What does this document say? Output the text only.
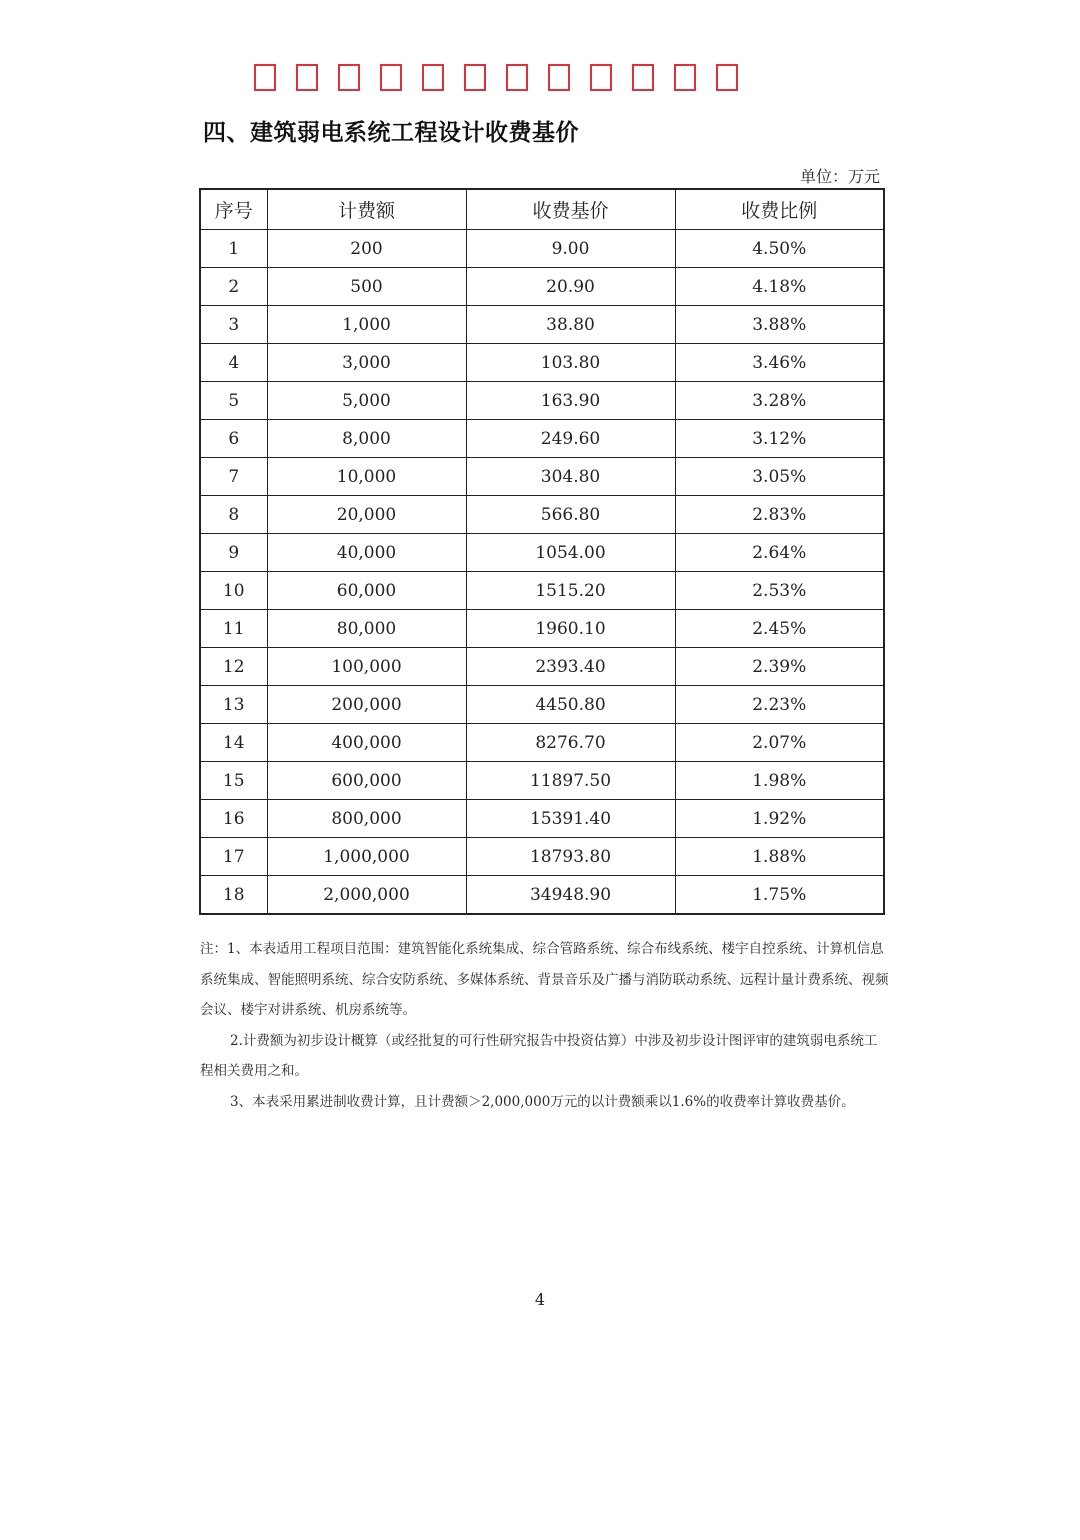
四、建筑弱电系统工程设计收费基价
单位：万元
序号	计费额	收费基价	收费比例
1	200	9.00	4.50%
2	500	20.90	4.18%
3	1,000	38.80	3.88%
4	3,000	103.80	3.46%
5	5,000	163.90	3.28%
6	8,000	249.60	3.12%
7	10,000	304.80	3.05%
8	20,000	566.80	2.83%
9	40,000	1054.00	2.64%
10	60,000	1515.20	2.53%
11	80,000	1960.10	2.45%
12	100,000	2393.40	2.39%
13	200,000	4450.80	2.23%
14	400,000	8276.70	2.07%
15	600,000	11897.50	1.98%
16	800,000	15391.40	1.92%
17	1,000,000	18793.80	1.88%
18	2,000,000	34948.90	1.75%

注：1、本表适用工程项目范围：建筑智能化系统集成、综合管路系统、综合布线系统、楼宇自控系统、计算机信息系统集成、智能照明系统、综合安防系统、多媒体系统、背景音乐及广播与消防联动系统、远程计量计费系统、视频会议、楼宇对讲系统、机房系统等。

2.计费额为初步设计概算（或经批复的可行性研究报告中投资估算）中涉及初步设计图评审的建筑弱电系统工程相关费用之和。

3、本表采用累进制收费计算，且计费额＞2,000,000万元的以计费额乘以1.6%的收费率计算收费基价。

4
